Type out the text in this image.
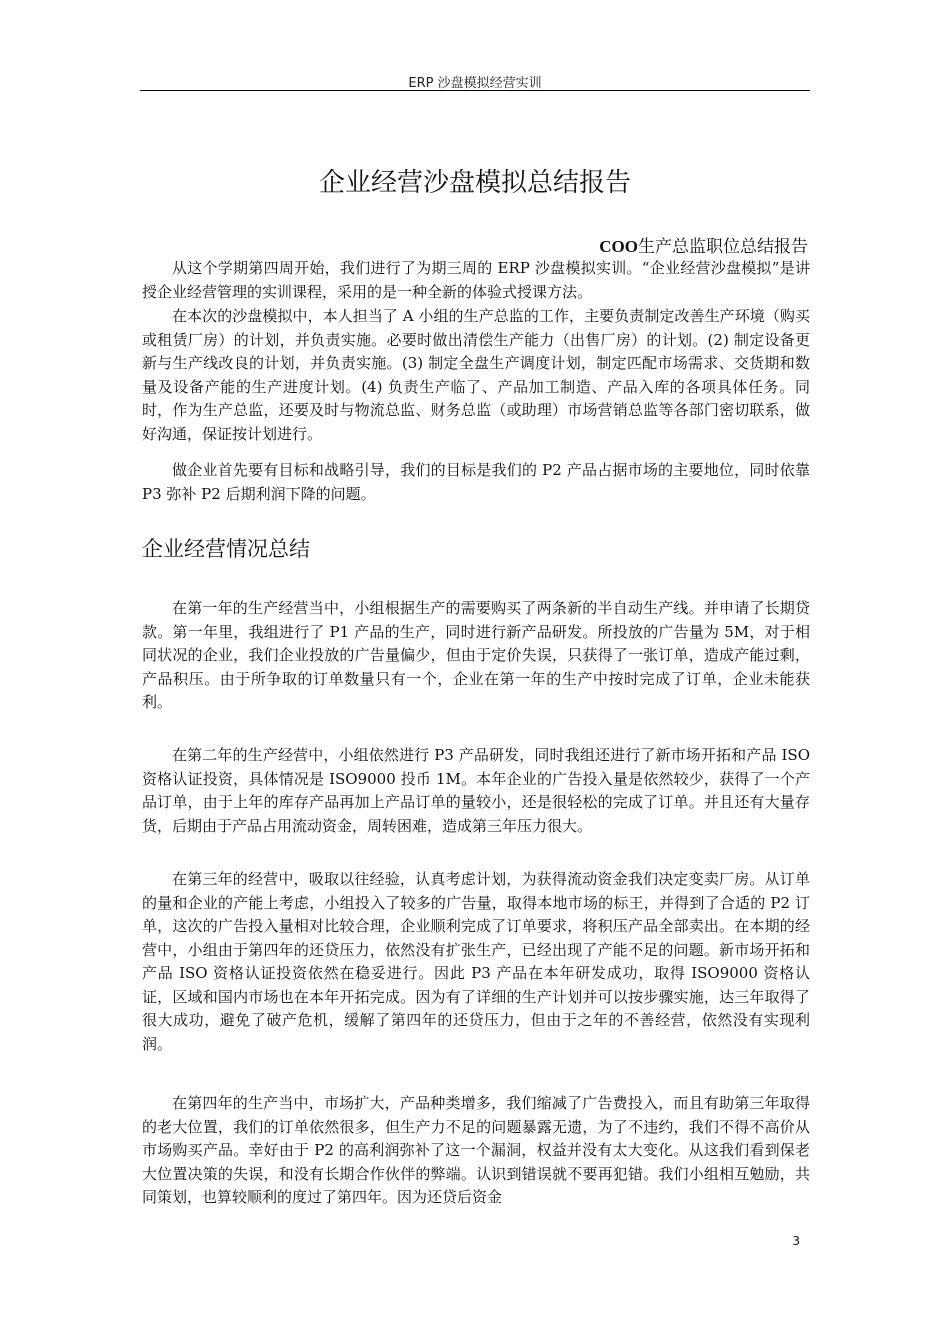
ERP 沙盘模拟经营实训
企业经营沙盘模拟总结报告
COO生产总监职位总结报告

从这个学期第四周开始，我们进行了为期三周的 ERP 沙盘模拟实训。“企业经营沙盘模拟”是讲授企业经营管理的实训课程，采用的是一种全新的体验式授课方法。

在本次的沙盘模拟中，本人担当了 A 小组的生产总监的工作，主要负责制定改善生产环境（购买或租赁厂房）的计划，并负责实施。必要时做出清偿生产能力（出售厂房）的计划。(2) 制定设备更新与生产线改良的计划，并负责实施。(3) 制定全盘生产调度计划，制定匹配市场需求、交货期和数量及设备产能的生产进度计划。(4) 负责生产临了、产品加工制造、产品入库的各项具体任务。同时，作为生产总监，还要及时与物流总监、财务总监（或助理）市场营销总监等各部门密切联系，做好沟通，保证按计划进行。

做企业首先要有目标和战略引导，我们的目标是我们的 P2 产品占据市场的主要地位，同时依靠 P3 弥补 P2 后期利润下降的问题。

企业经营情况总结

在第一年的生产经营当中，小组根据生产的需要购买了两条新的半自动生产线。并申请了长期贷款。第一年里，我组进行了 P1 产品的生产，同时进行新产品研发。所投放的广告量为 5M，对于相同状况的企业，我们企业投放的广告量偏少，但由于定价失误，只获得了一张订单，造成产能过剩，产品积压。由于所争取的订单数量只有一个，企业在第一年的生产中按时完成了订单，企业未能获利。

在第二年的生产经营中，小组依然进行 P3 产品研发，同时我组还进行了新市场开拓和产品 ISO 资格认证投资，具体情况是 ISO9000 投币 1M。本年企业的广告投入量是依然较少，获得了一个产品订单，由于上年的库存产品再加上产品订单的量较小，还是很轻松的完成了订单。并且还有大量存货，后期由于产品占用流动资金，周转困难，造成第三年压力很大。

在第三年的经营中，吸取以往经验，认真考虑计划，为获得流动资金我们决定变卖厂房。从订单的量和企业的产能上考虑，小组投入了较多的广告量，取得本地市场的标王，并得到了合适的 P2 订单，这次的广告投入量相对比较合理，企业顺利完成了订单要求，将积压产品全部卖出。在本期的经营中，小组由于第四年的还贷压力，依然没有扩张生产，已经出现了产能不足的问题。新市场开拓和产品 ISO 资格认证投资依然在稳妥进行。因此 P3 产品在本年研发成功，取得 ISO9000 资格认证，区域和国内市场也在本年开拓完成。因为有了详细的生产计划并可以按步骤实施，达三年取得了很大成功，避免了破产危机，缓解了第四年的还贷压力，但由于之年的不善经营，依然没有实现利润。

在第四年的生产当中，市场扩大，产品种类增多，我们缩减了广告费投入，而且有助第三年取得的老大位置，我们的订单依然很多，但生产力不足的问题暴露无遗，为了不违约，我们不得不高价从市场购买产品。幸好由于 P2 的高利润弥补了这一个漏洞，权益并没有太大变化。从这我们看到保老大位置决策的失误，和没有长期合作伙伴的弊端。认识到错误就不要再犯错。我们小组相互勉励，共同策划，也算较顺利的度过了第四年。因为还贷后资金

3
